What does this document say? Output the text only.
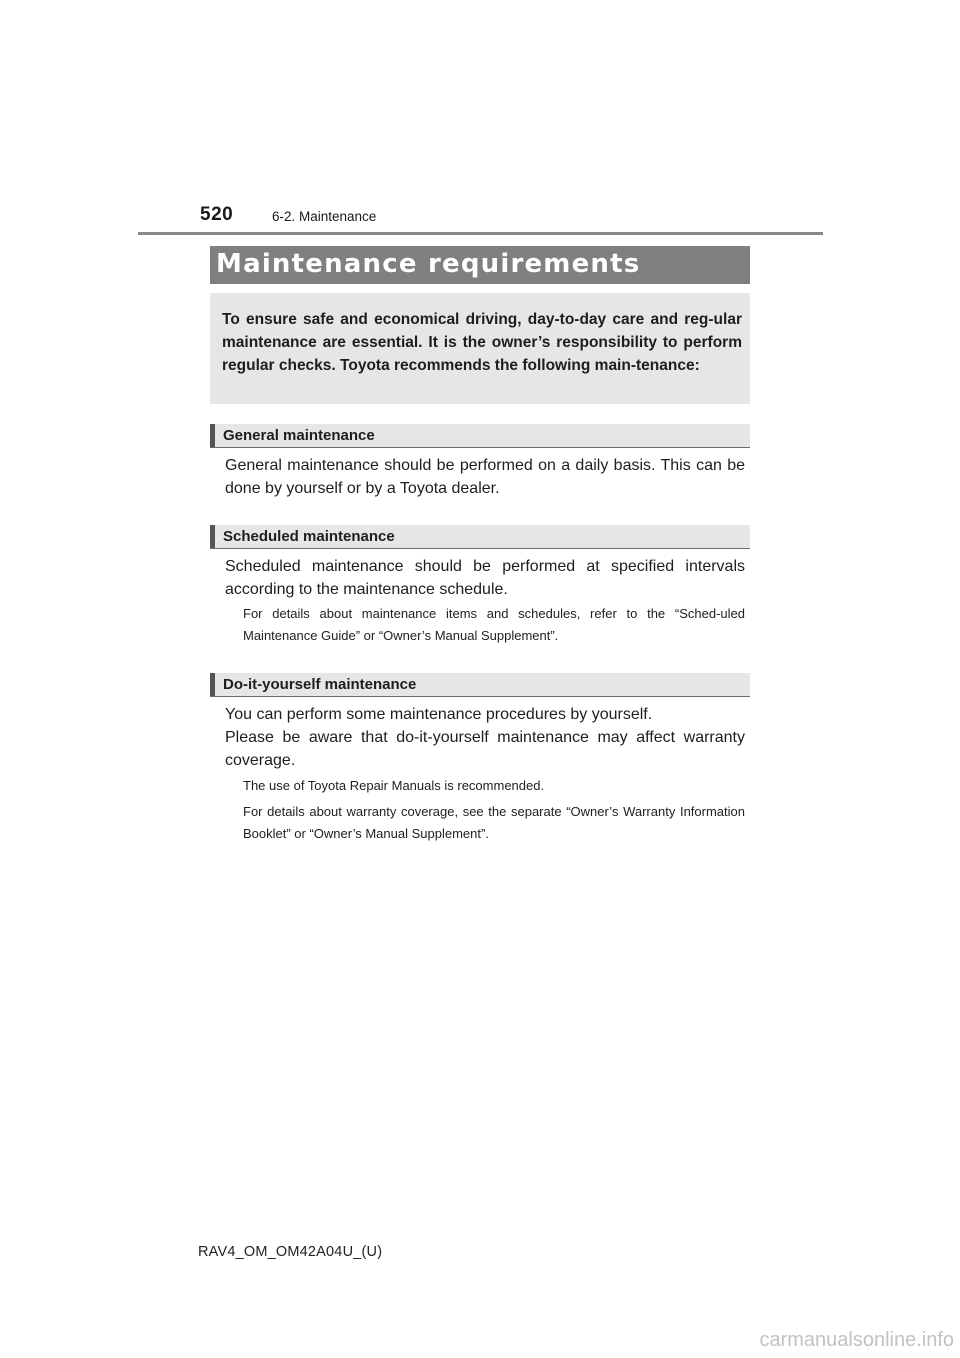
520	6-2. Maintenance
Maintenance requirements
To ensure safe and economical driving, day-to-day care and reg-ular maintenance are essential. It is the owner’s responsibility to perform regular checks. Toyota recommends the following main-tenance:
General maintenance
General maintenance should be performed on a daily basis. This can be done by yourself or by a Toyota dealer.
Scheduled maintenance
Scheduled maintenance should be performed at specified intervals according to the maintenance schedule.
For details about maintenance items and schedules, refer to the “Sched-uled Maintenance Guide” or “Owner’s Manual Supplement”.
Do-it-yourself maintenance
You can perform some maintenance procedures by yourself.
Please be aware that do-it-yourself maintenance may affect warranty coverage.
The use of Toyota Repair Manuals is recommended.
For details about warranty coverage, see the separate “Owner’s Warranty Information Booklet” or “Owner’s Manual Supplement”.
RAV4_OM_OM42A04U_(U)
carmanualsonline.info
